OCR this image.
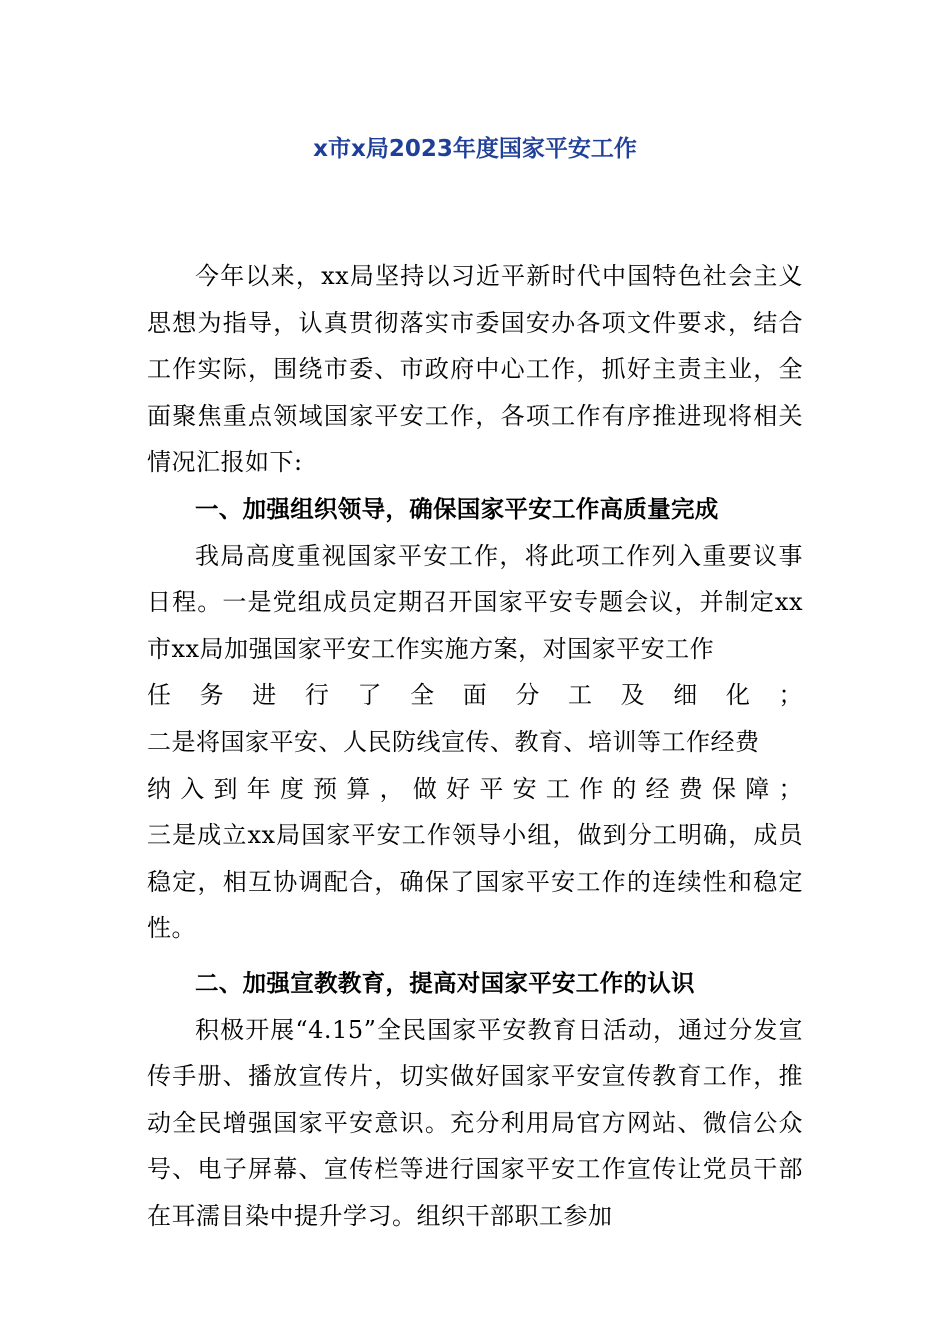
x市x局2023年度国家平安工作

今年以来，xx局坚持以习近平新时代中国特色社会主义思想为指导，认真贯彻落实市委国安办各项文件要求，结合工作实际，围绕市委、市政府中心工作，抓好主责主业，全面聚焦重点领域国家平安工作，各项工作有序推进现将相关情况汇报如下:

一、加强组织领导，确保国家平安工作高质量完成

我局高度重视国家平安工作，将此项工作列入重要议事日程。一是党组成员定期召开国家平安专题会议，并制定xx市xx局加强国家平安工作实施方案，对国家平安工作

任务进行了全面分工及细化；

二是将国家平安、人民防线宣传、教育、培训等工作经费

纳入到年度预算，做好平安工作的经费保障；

三是成立xx局国家平安工作领导小组，做到分工明确，成员稳定，相互协调配合，确保了国家平安工作的连续性和稳定性。

二、加强宣教教育，提高对国家平安工作的认识

积极开展“4.15”全民国家平安教育日活动，通过分发宣传手册、播放宣传片，切实做好国家平安宣传教育工作，推动全民增强国家平安意识。充分利用局官方网站、微信公众号、电子屏幕、宣传栏等进行国家平安工作宣传让党员干部在耳濡目染中提升学习。组织干部职工参加
